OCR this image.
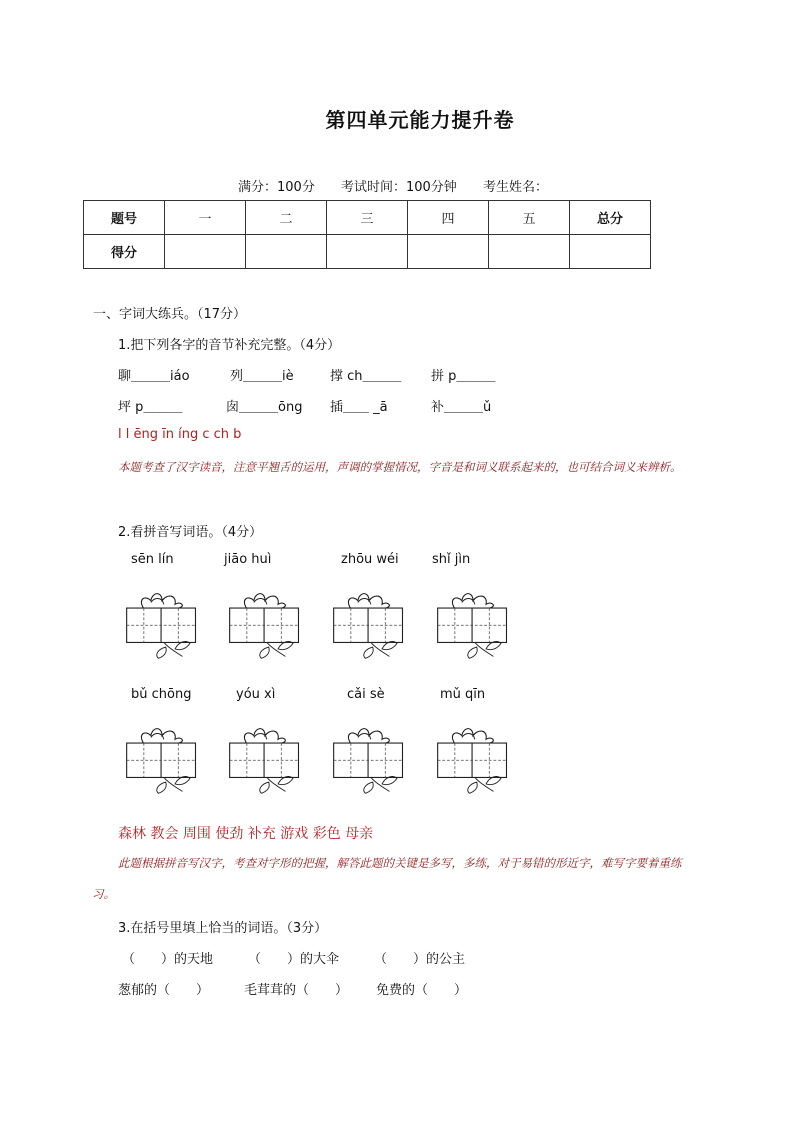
第四单元能力提升卷
满分：100分 考试时间：100分钟 考生姓名：
题号	一	二	三	四	五	总分
得分						
一、字词大练兵。（17分）
1.把下列各字的音节补充完整。（4分）
聊＿＿＿iáo	列＿＿＿iè	撑 ch＿＿＿ 拼 p＿＿＿
坪 p＿＿＿	囱＿＿＿ōng 插＿＿ _ā	补＿＿＿ǔ
l l ēng īn íng c ch b
本题考查了汉字读音，注意平翘舌的运用，声调的掌握情况，字音是和词义联系起来的，也可结合词义来辨析。
2.看拼音写词语。（4分）
sēn lín	jiāo huì	zhōu wéi	shǐ jìn
bǔ chōng	yóu xì	cǎi sè	mǔ qīn
森林 教会 周围 使劲 补充 游戏 彩色 母亲
此题根据拼音写汉字，考查对字形的把握，解答此题的关键是多写，多练，对于易错的形近字，难写字要着重练习。
3.在括号里填上恰当的词语。（3分）
（　　）的天地	（　　）的大伞	（　　）的公主
葱郁的（　　）	毛茸茸的（　　） 免费的（　　）
